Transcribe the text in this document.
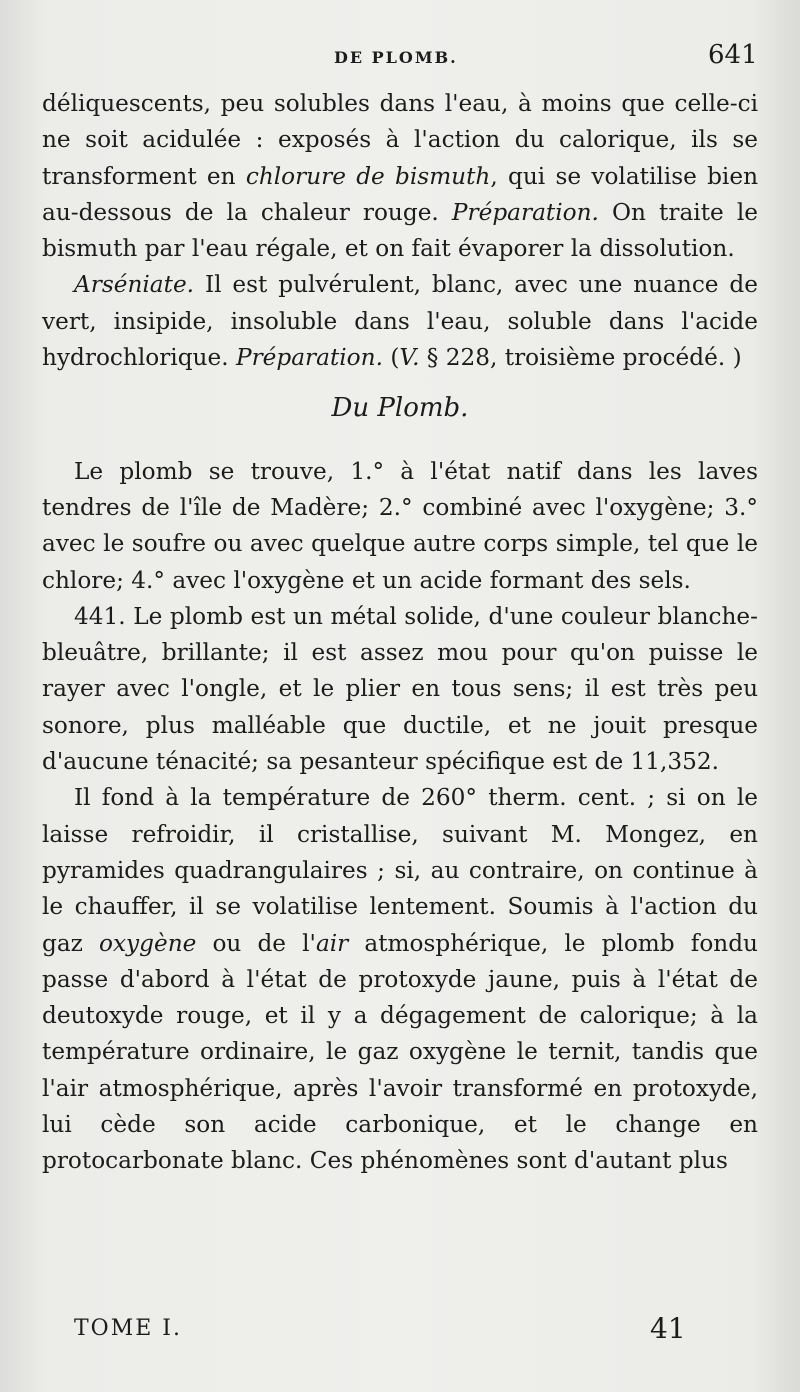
DE PLOMB.	641

déliquescents, peu solubles dans l'eau, à moins que celle-ci ne soit acidulée : exposés à l'action du calorique, ils se transforment en chlorure de bismuth, qui se volatilise bien au-dessous de la chaleur rouge. Préparation. On traite le bismuth par l'eau régale, et on fait évaporer la dissolution.

Arséniate. Il est pulvérulent, blanc, avec une nuance de vert, insipide, insoluble dans l'eau, soluble dans l'acide hydrochlorique. Préparation. (V. § 228, troisième procédé. )

Du Plomb.

Le plomb se trouve, 1.° à l'état natif dans les laves tendres de l'île de Madère; 2.° combiné avec l'oxygène; 3.° avec le soufre ou avec quelque autre corps simple, tel que le chlore; 4.° avec l'oxygène et un acide formant des sels.

441. Le plomb est un métal solide, d'une couleur blanche-bleuâtre, brillante; il est assez mou pour qu'on puisse le rayer avec l'ongle, et le plier en tous sens; il est très peu sonore, plus malléable que ductile, et ne jouit presque d'aucune ténacité; sa pesanteur spécifique est de 11,352.

Il fond à la température de 260° therm. cent. ; si on le laisse refroidir, il cristallise, suivant M. Mongez, en pyramides quadrangulaires ; si, au contraire, on continue à le chauffer, il se volatilise lentement. Soumis à l'action du gaz oxygène ou de l'air atmosphérique, le plomb fondu passe d'abord à l'état de protoxyde jaune, puis à l'état de deutoxyde rouge, et il y a dégagement de calorique; à la température ordinaire, le gaz oxygène le ternit, tandis que l'air atmosphérique, après l'avoir transformé en protoxyde, lui cède son acide carbonique, et le change en protocarbonate blanc. Ces phénomènes sont d'autant plus

TOME I.	41
